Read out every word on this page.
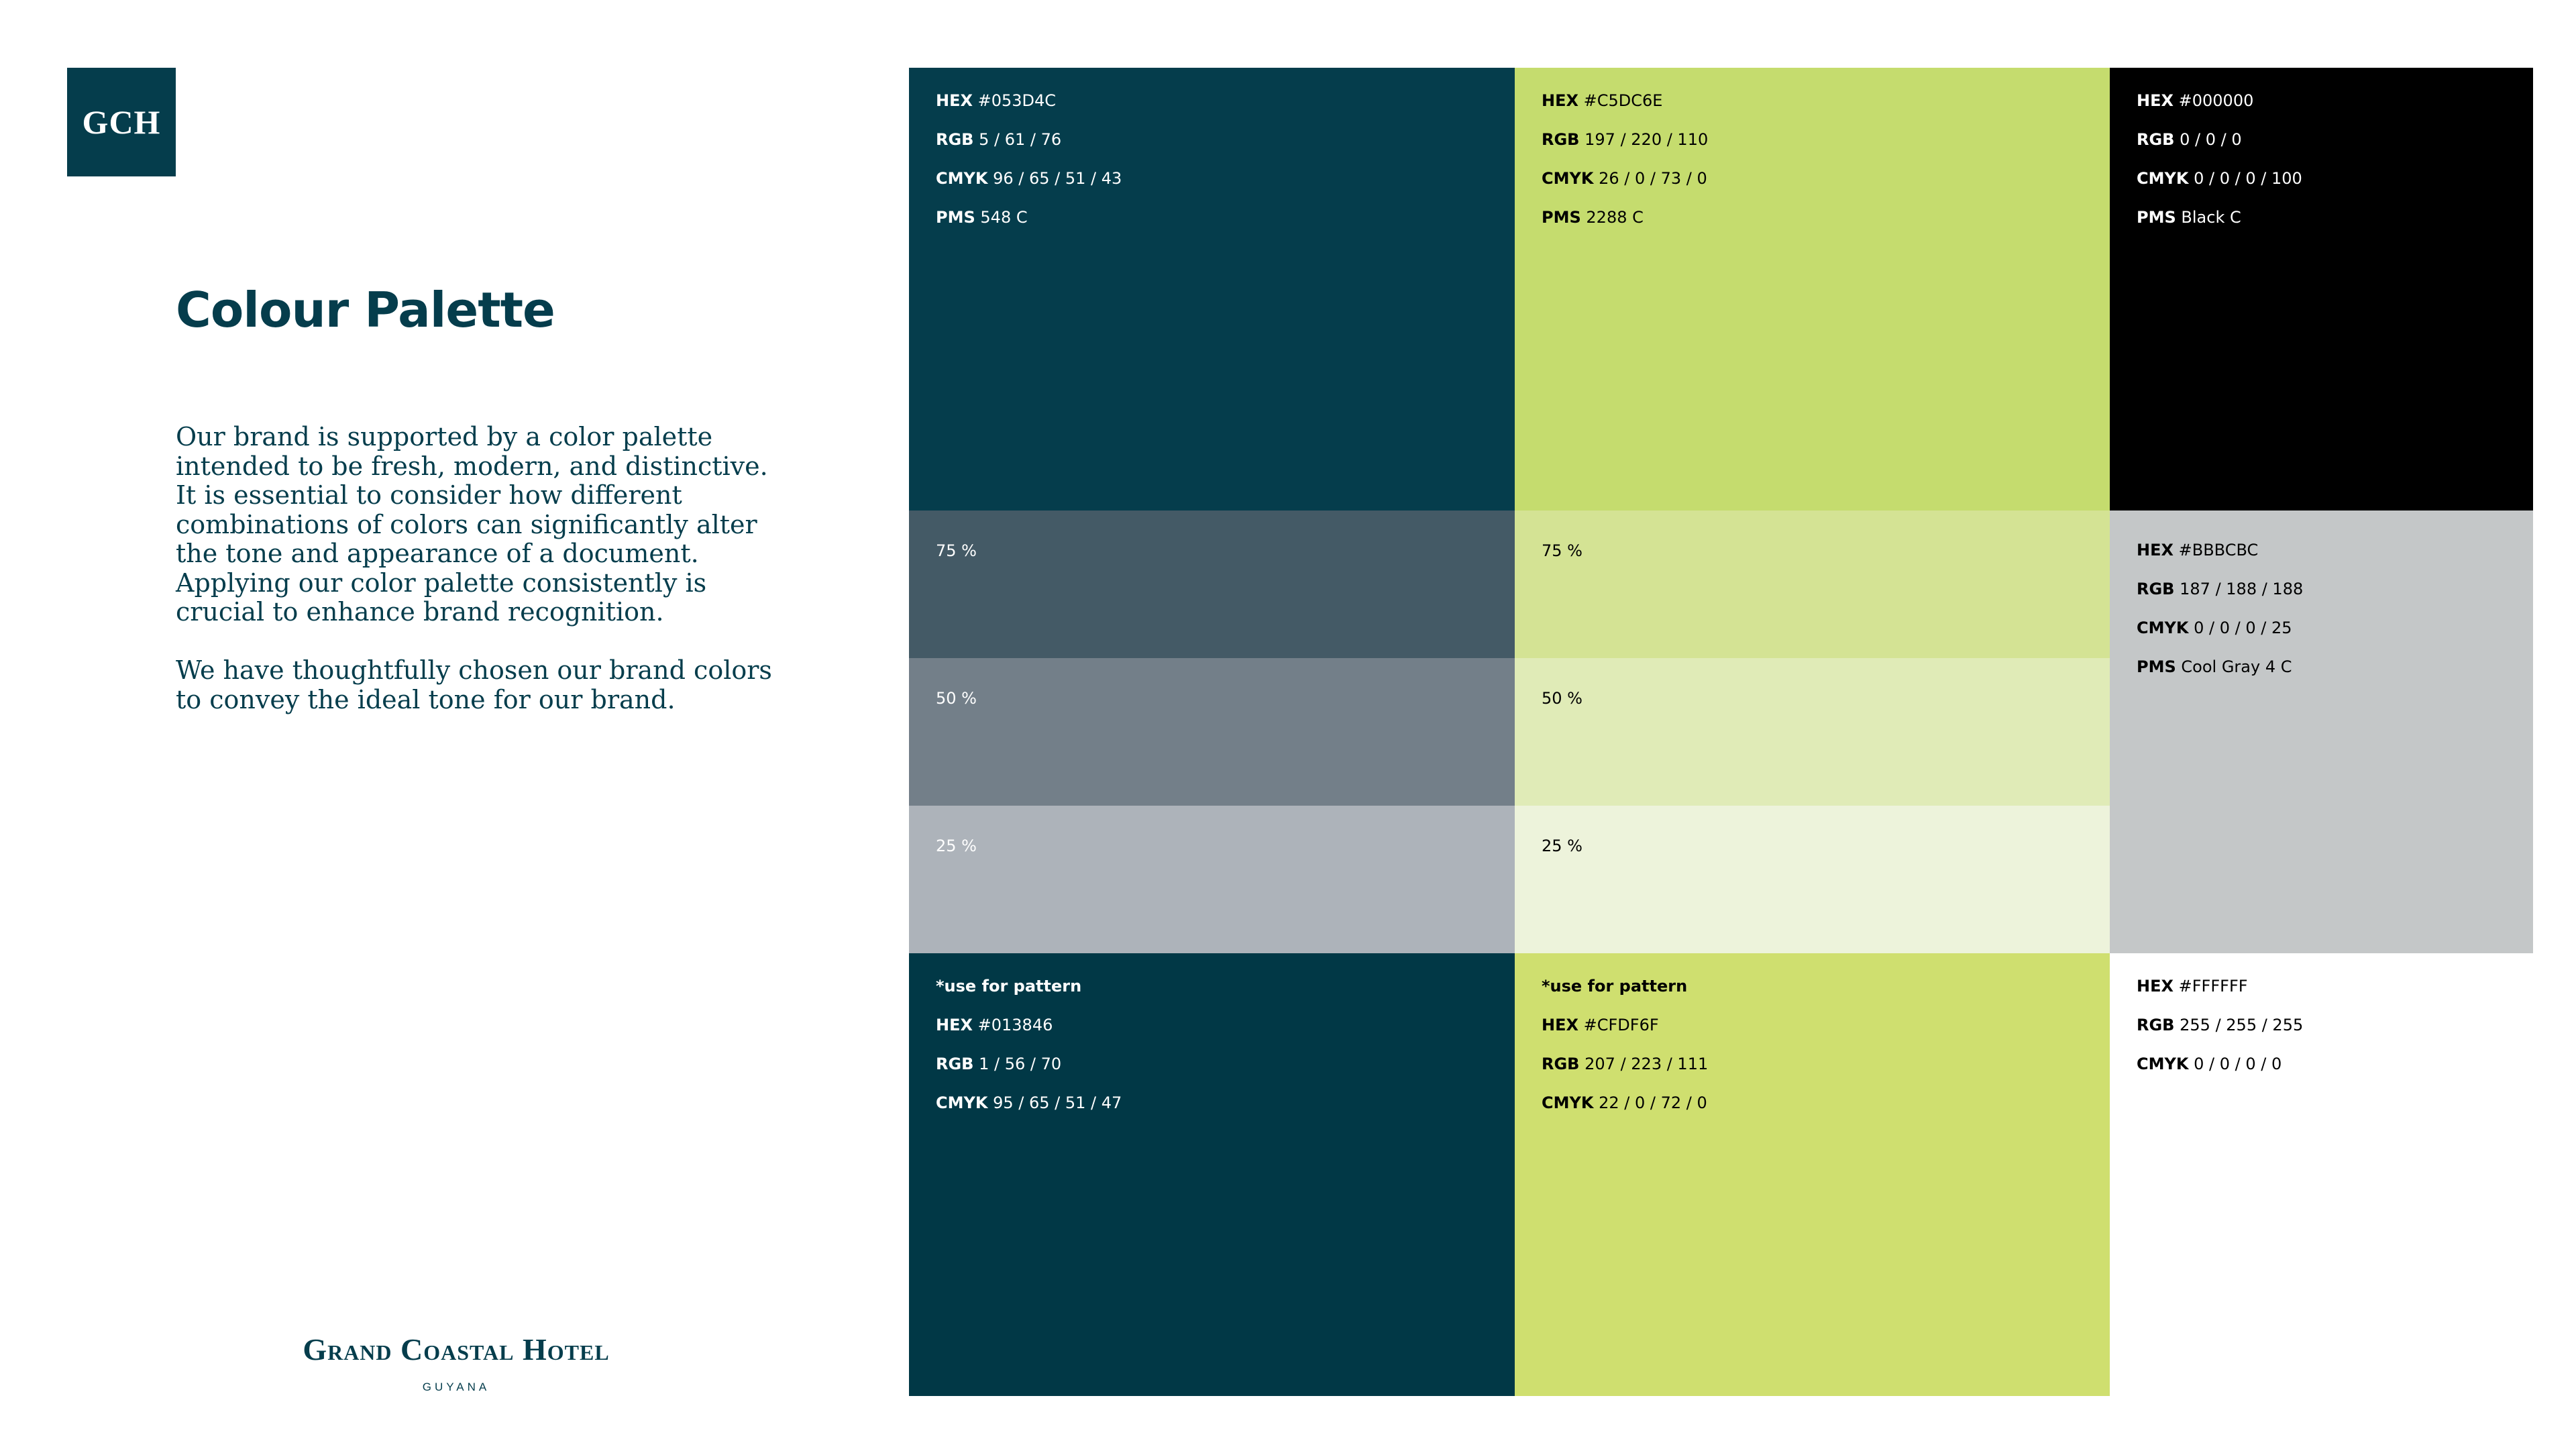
GCH
Colour Palette

Our brand is supported by a color palette intended to be fresh, modern, and distinctive. It is essential to consider how different combinations of colors can significantly alter the tone and appearance of a document. Applying our color palette consistently is crucial to enhance brand recognition.

We have thoughtfully chosen our brand colors to convey the ideal tone for our brand.

Grand Coastal Hotel
GUYANA
HEX #053D4C
RGB 5 / 61 / 76
CMYK 96 / 65 / 51 / 43
PMS 548 C
75 %
50 %
25 %
HEX #C5DC6E
RGB 197 / 220 / 110
CMYK 26 / 0 / 73 / 0
PMS 2288 C
75 %
50 %
25 %
HEX #000000
RGB 0 / 0 / 0
CMYK 0 / 0 / 0 / 100
PMS Black C
HEX #BBBCBC
RGB 187 / 188 / 188
CMYK 0 / 0 / 0 / 25
PMS Cool Gray 4 C
*use for pattern
HEX #013846
RGB 1 / 56 / 70
CMYK 95 / 65 / 51 / 47
*use for pattern
HEX #CFDF6F
RGB 207 / 223 / 111
CMYK 22 / 0 / 72 / 0
HEX #FFFFFF
RGB 255 / 255 / 255
CMYK 0 / 0 / 0 / 0
